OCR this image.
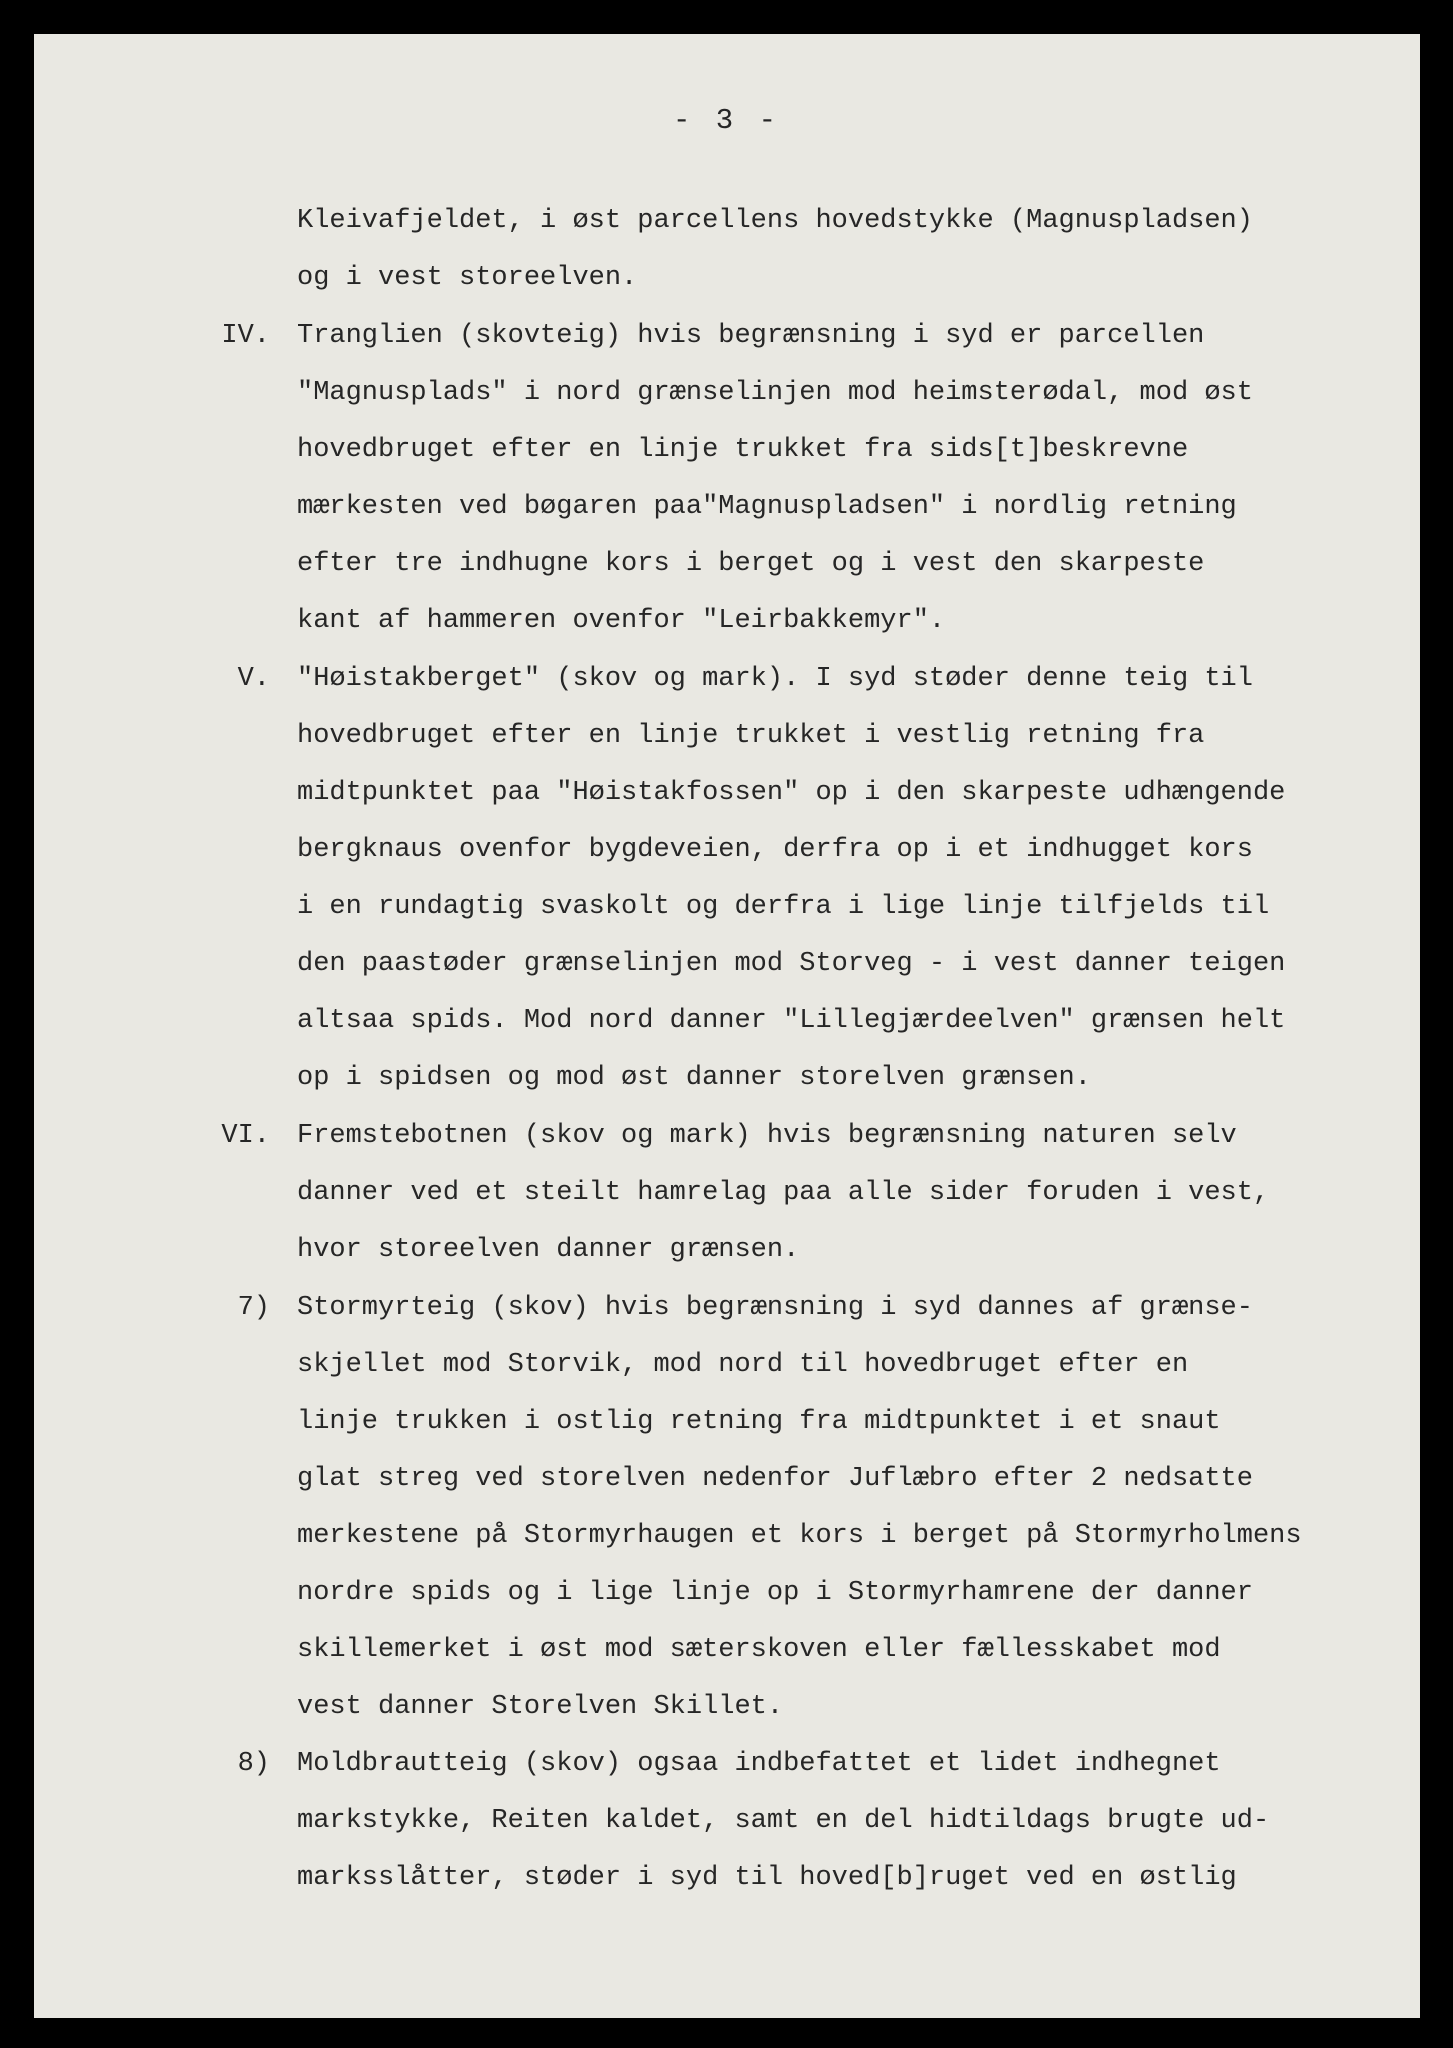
- 3 -
Kleivafjeldet, i øst parcellens hovedstykke (Magnuspladsen)
og i vest storeelven.
IV. Tranglien (skovteig) hvis begrænsning i syd er parcellen
"Magnusplads" i nord grænselinjen mod heimsterødal, mod øst
hovedbruget efter en linje trukket fra sids[t]beskrevne
mærkesten ved bøgaren paa"Magnuspladsen" i nordlig retning
efter tre indhugne kors i berget og i vest den skarpeste
kant af hammeren ovenfor "Leirbakkemyr".
V. "Høistakberget" (skov og mark). I syd støder denne teig til
hovedbruget efter en linje trukket i vestlig retning fra
midtpunktet paa "Høistakfossen" op i den skarpeste udhængende
bergknaus ovenfor bygdeveien, derfra op i et indhugget kors
i en rundagtig svaskolt og derfra i lige linje tilfjelds til
den paastøder grænselinjen mod Storveg - i vest danner teigen
altsaa spids. Mod nord danner "Lillegjærdeelven" grænsen helt
op i spidsen og mod øst danner storelven grænsen.
VI. Fremstebotnen (skov og mark) hvis begrænsning naturen selv
danner ved et steilt hamrelag paa alle sider foruden i vest,
hvor storeelven danner grænsen.
7) Stormyrteig (skov) hvis begrænsning i syd dannes af grænse-
skjellet mod Storvik, mod nord til hovedbruget efter en
linje trukken i ostlig retning fra midtpunktet i et snaut
glat streg ved storelven nedenfor Juflæbro efter 2 nedsatte
merkestene på Stormyrhaugen et kors i berget på Stormyrholmens
nordre spids og i lige linje op i Stormyrhamrene der danner
skillemerket i øst mod sæterskoven eller fællesskabet mod
vest danner Storelven Skillet.
8) Moldbrautteig (skov) ogsaa indbefattet et lidet indhegnet
markstykke, Reiten kaldet, samt en del hidtildags brugte ud-
marksslåtter, støder i syd til hoved[b]ruget ved en østlig
